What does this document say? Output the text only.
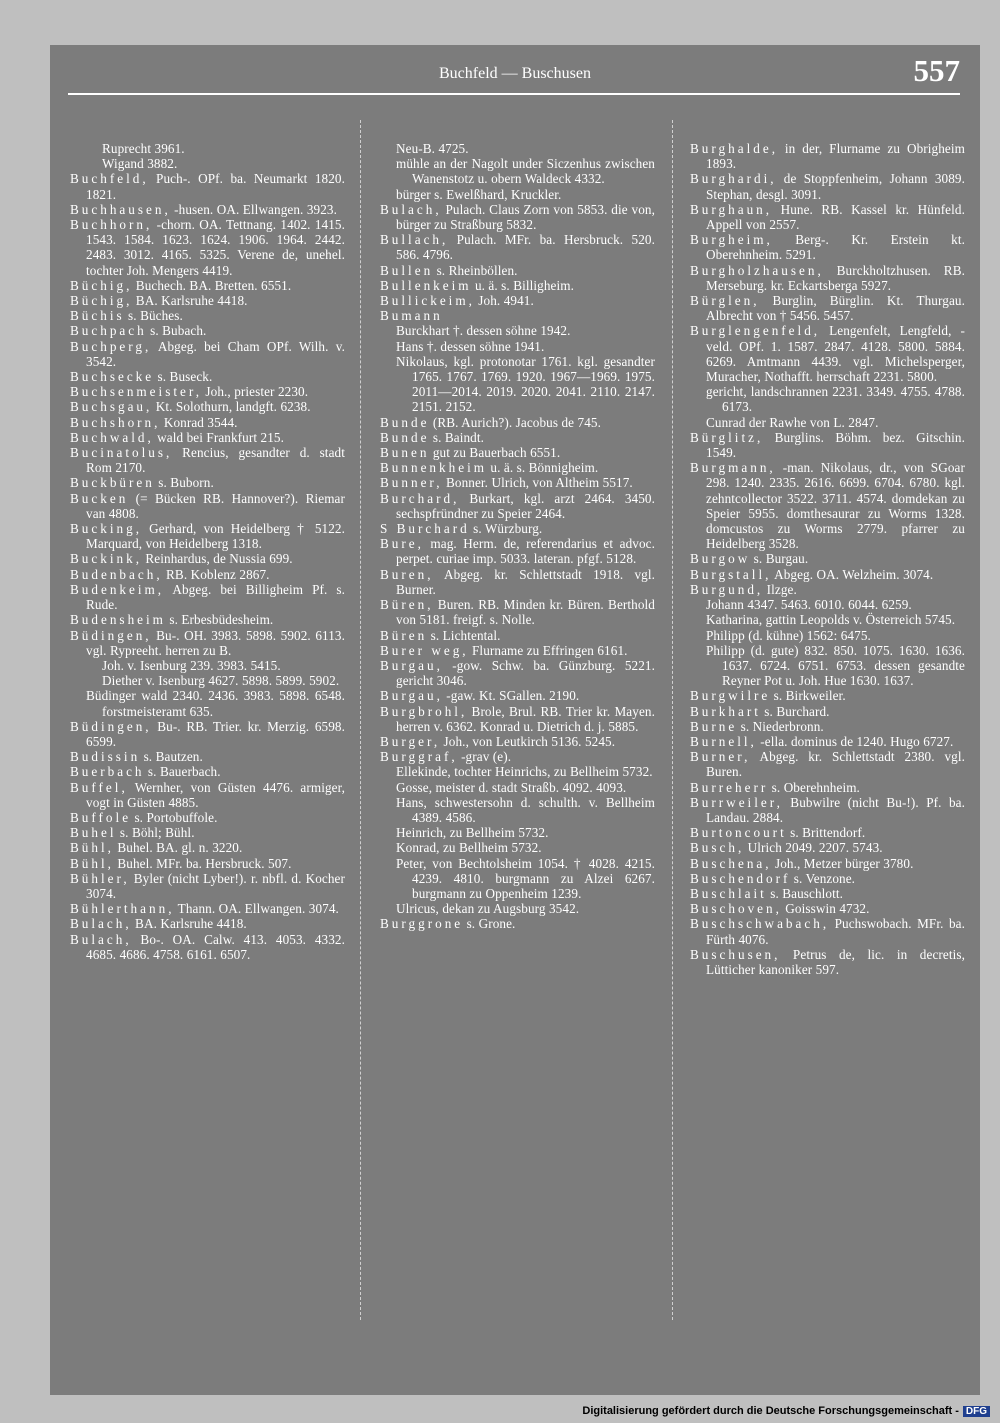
Buchfeld — Buschusen	557

Ruprecht 3961.

Wigand 3882.

Buchfeld, Puch-. OPf. ba. Neumarkt 1820. 1821.

Buchhausen, -husen. OA. Ellwangen. 3923.

Buchhorn, -chorn. OA. Tettnang. 1402. 1415. 1543. 1584. 1623. 1624. 1906. 1964. 2442. 2483. 3012. 4165. 5325. Verene de, unehel. tochter Joh. Mengers 4419.

Büchig, Buchech. BA. Bretten. 6551.

Büchig, BA. Karlsruhe 4418.

Büchis s. Büches.

Buchpach s. Bubach.

Buchperg, Abgeg. bei Cham OPf. Wilh. v. 3542.

Buchsecke s. Buseck.

Buchsenmeister, Joh., priester 2230.

Buchsgau, Kt. Solothurn, landgft. 6238.

Buchshorn, Konrad 3544.

Buchwald, wald bei Frankfurt 215.

Bucinatolus, Rencius, gesandter d. stadt Rom 2170.

Buckbüren s. Buborn.

Bucken (= Bücken RB. Hannover?). Riemar van 4808.

Bucking, Gerhard, von Heidelberg † 5122. Marquard, von Heidelberg 1318.

Buckink, Reinhardus, de Nussia 699.

Budenbach, RB. Koblenz 2867.

Budenkeim, Abgeg. bei Billigheim Pf. s. Rude.

Budensheim s. Erbesbüdesheim.

Büdingen, Bu-. OH. 3983. 5898. 5902. 6113. vgl. Rypreeht. herren zu B.

Joh. v. Isenburg 239. 3983. 5415.

Diether v. Isenburg 4627. 5898. 5899. 5902.

Büdinger wald 2340. 2436. 3983. 5898. 6548. forstmeisteramt 635.

Büdingen, Bu-. RB. Trier. kr. Merzig. 6598. 6599.

Budissin s. Bautzen.

Buerbach s. Bauerbach.

Buffel, Wernher, von Güsten 4476. armiger, vogt in Güsten 4885.

Buffole s. Portobuffole.

Buhel s. Böhl; Bühl.

Bühl, Buhel. BA. gl. n. 3220.

Bühl, Buhel. MFr. ba. Hersbruck. 507.

Bühler, Byler (nicht Lyber!). r. nbfl. d. Kocher 3074.

Bühlerthann, Thann. OA. Ellwangen. 3074.

Bulach, BA. Karlsruhe 4418.

Bulach, Bo-. OA. Calw. 413. 4053. 4332. 4685. 4686. 4758. 6161. 6507.

Neu-B. 4725.

mühle an der Nagolt under Siczenhus zwischen Wanenstotz u. obern Waldeck 4332.

bürger s. Ewelßhard, Kruckler.

Bulach, Pulach. Claus Zorn von 5853. die von, bürger zu Straßburg 5832.

Bullach, Pulach. MFr. ba. Hersbruck. 520. 586. 4796.

Bullen s. Rheinböllen.

Bullenkeim u. ä. s. Billigheim.

Bullickeim, Joh. 4941.

Bumann

Burckhart †. dessen söhne 1942.

Hans †. dessen söhne 1941.

Nikolaus, kgl. protonotar 1761. kgl. gesandter 1765. 1767. 1769. 1920. 1967—1969. 1975. 2011—2014. 2019. 2020. 2041. 2110. 2147. 2151. 2152.

Bunde (RB. Aurich?). Jacobus de 745.

Bunde s. Baindt.

Bunen gut zu Bauerbach 6551.

Bunnenkheim u. ä. s. Bönnigheim.

Bunner, Bonner. Ulrich, von Altheim 5517.

Burchard, Burkart, kgl. arzt 2464. 3450. sechspfründner zu Speier 2464.

S Burchard s. Würzburg.

Bure, mag. Herm. de, referendarius et advoc. perpet. curiae imp. 5033. lateran. pfgf. 5128.

Buren, Abgeg. kr. Schlettstadt 1918. vgl. Burner.

Büren, Buren. RB. Minden kr. Büren. Berthold von 5181. freigf. s. Nolle.

Büren s. Lichtental.

Burer weg, Flurname zu Effringen 6161.

Burgau, -gow. Schw. ba. Günzburg. 5221. gericht 3046.

Burgau, -gaw. Kt. SGallen. 2190.

Burgbrohl, Brole, Brul. RB. Trier kr. Mayen. herren v. 6362. Konrad u. Dietrich d. j. 5885.

Burger, Joh., von Leutkirch 5136. 5245.

Burggraf, -grav (e).

Ellekinde, tochter Heinrichs, zu Bellheim 5732.

Gosse, meister d. stadt Straßb. 4092. 4093.

Hans, schwestersohn d. schulth. v. Bellheim 4389. 4586.

Heinrich, zu Bellheim 5732.

Konrad, zu Bellheim 5732.

Peter, von Bechtolsheim 1054. † 4028. 4215. 4239. 4810. burgmann zu Alzei 6267. burgmann zu Oppenheim 1239.

Ulricus, dekan zu Augsburg 3542.

Burggrone s. Grone.

Burghalde, in der, Flurname zu Obrigheim 1893.

Burghardi, de Stoppfenheim, Johann 3089. Stephan, desgl. 3091.

Burghaun, Hune. RB. Kassel kr. Hünfeld. Appell von 2557.

Burgheim, Berg-. Kr. Erstein kt. Oberehnheim. 5291.

Burgholzhausen, Burckholtzhusen. RB. Merseburg. kr. Eckartsberga 5927.

Bürglen, Burglin, Bürglin. Kt. Thurgau. Albrecht von † 5456. 5457.

Burglengenfeld, Lengenfelt, Lengfeld, -veld. OPf. 1. 1587. 2847. 4128. 5800. 5884. 6269. Amtmann 4439. vgl. Michelsperger, Muracher, Nothafft. herrschaft 2231. 5800.

gericht, landschrannen 2231. 3349. 4755. 4788. 6173.

Cunrad der Rawhe von L. 2847.

Bürglitz, Burglins. Böhm. bez. Gitschin. 1549.

Burgmann, -man. Nikolaus, dr., von SGoar 298. 1240. 2335. 2616. 6699. 6704. 6780. kgl. zehntcollector 3522. 3711. 4574. domdekan zu Speier 5955. domthesaurar zu Worms 1328. domcustos zu Worms 2779. pfarrer zu Heidelberg 3528.

Burgow s. Burgau.

Burgstall, Abgeg. OA. Welzheim. 3074.

Burgund, Ilzge.

Johann 4347. 5463. 6010. 6044. 6259.

Katharina, gattin Leopolds v. Österreich 5745.

Philipp (d. kühne) 1562: 6475.

Philipp (d. gute) 832. 850. 1075. 1630. 1636. 1637. 6724. 6751. 6753. dessen gesandte Reyner Pot u. Joh. Hue 1630. 1637.

Burgwilre s. Birkweiler.

Burkhart s. Burchard.

Burne s. Niederbronn.

Burnell, -ella. dominus de 1240. Hugo 6727.

Burner, Abgeg. kr. Schlettstadt 2380. vgl. Buren.

Burreherr s. Oberehnheim.

Burrweiler, Bubwilre (nicht Bu-!). Pf. ba. Landau. 2884.

Burtoncourt s. Brittendorf.

Busch, Ulrich 2049. 2207. 5743.

Buschena, Joh., Metzer bürger 3780.

Buschendorf s. Venzone.

Buschlait s. Bauschlott.

Buschoven, Goisswin 4732.

Buschschwabach, Puchswobach. MFr. ba. Fürth 4076.

Buschusen, Petrus de, lic. in decretis, Lütticher kanoniker 597.

Digitalisierung gefördert durch die Deutsche Forschungsgemeinschaft - DFG
